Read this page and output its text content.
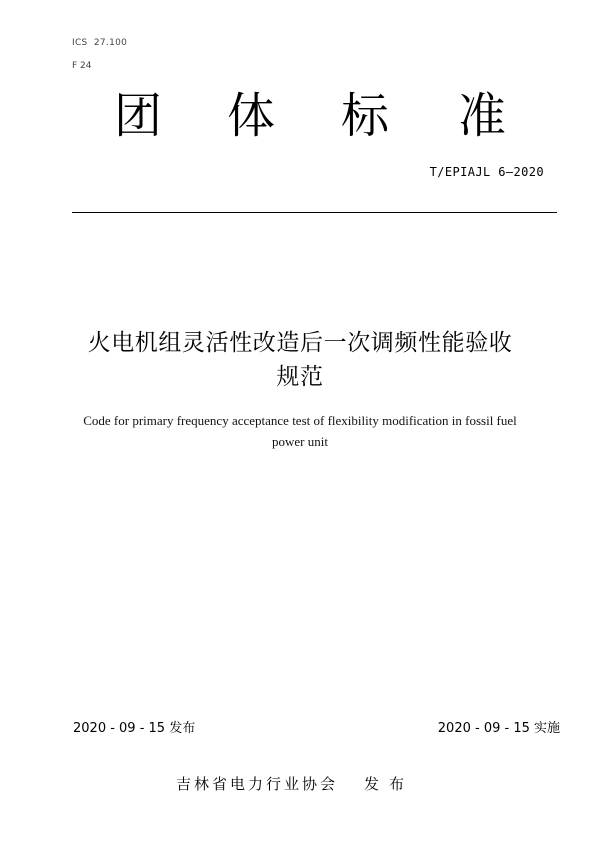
ICS  27.100
F 24
团 体 标 准
T/EPIAJL 6—2020
火电机组灵活性改造后一次调频性能验收
规范
Code for primary frequency acceptance test of flexibility modification in fossil fuel
power unit
2020 - 09 - 15 发布	2020 - 09 - 15 实施
吉林省电力行业协会 发布
